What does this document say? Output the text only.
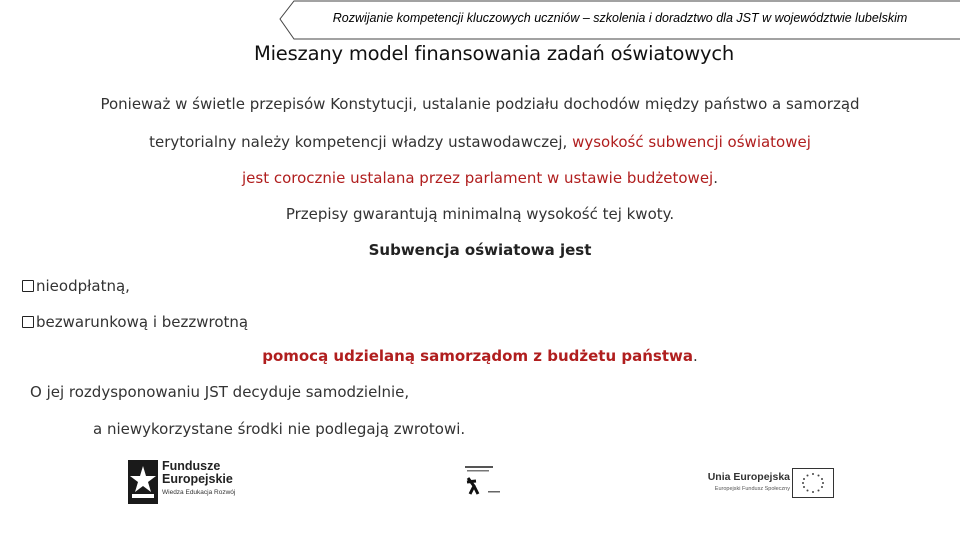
Rozwijanie kompetencji kluczowych uczniów – szkolenia i doradztwo dla JST w województwie lubelskim
Mieszany model finansowania zadań oświatowych
Ponieważ w świetle przepisów Konstytucji, ustalanie podziału dochodów między państwo a samorząd
terytorialny należy kompetencji władzy ustawodawczej, wysokość subwencji oświatowej
jest corocznie ustalana przez parlament w ustawie budżetowej.
Przepisy gwarantują minimalną wysokość tej kwoty.
Subwencja oświatowa jest
nieodpłatną,
bezwarunkową i bezzwrotną
pomocą udzielaną samorządom z budżetu państwa.
O jej rozdysponowaniu JST decyduje samodzielnie,
a niewykorzystane środki nie podlegają zwrotowi.
Fundusze
Europejskie
Wiedza Edukacja Rozwój
Unia Europejska
Europejski Fundusz Społeczny
